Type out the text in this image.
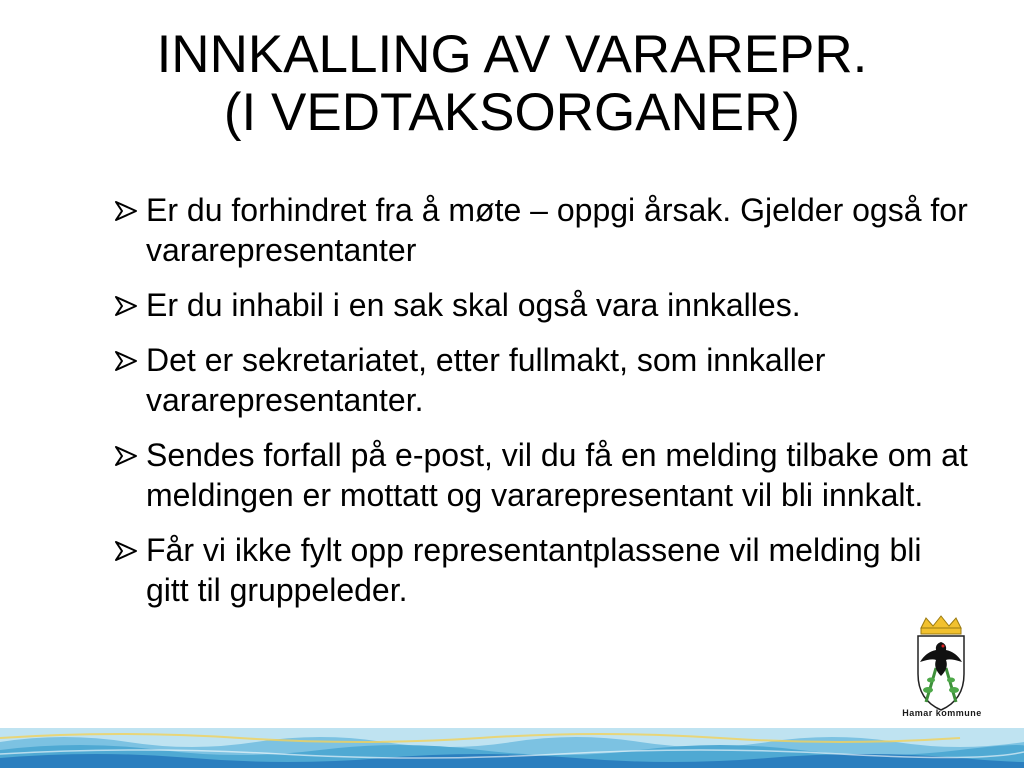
INNKALLING AV VARAREPR.
(I VEDTAKSORGANER)
Er du forhindret fra å møte – oppgi årsak. Gjelder også for vararepresentanter
Er du inhabil i en sak skal også vara innkalles.
Det er sekretariatet, etter fullmakt, som innkaller vararepresentanter.
Sendes forfall på e-post, vil du få en melding tilbake om at meldingen er mottatt og vararepresentant vil bli innkalt.
Får vi ikke fylt opp representantplassene vil melding bli gitt til gruppeleder.
Hamar kommune
